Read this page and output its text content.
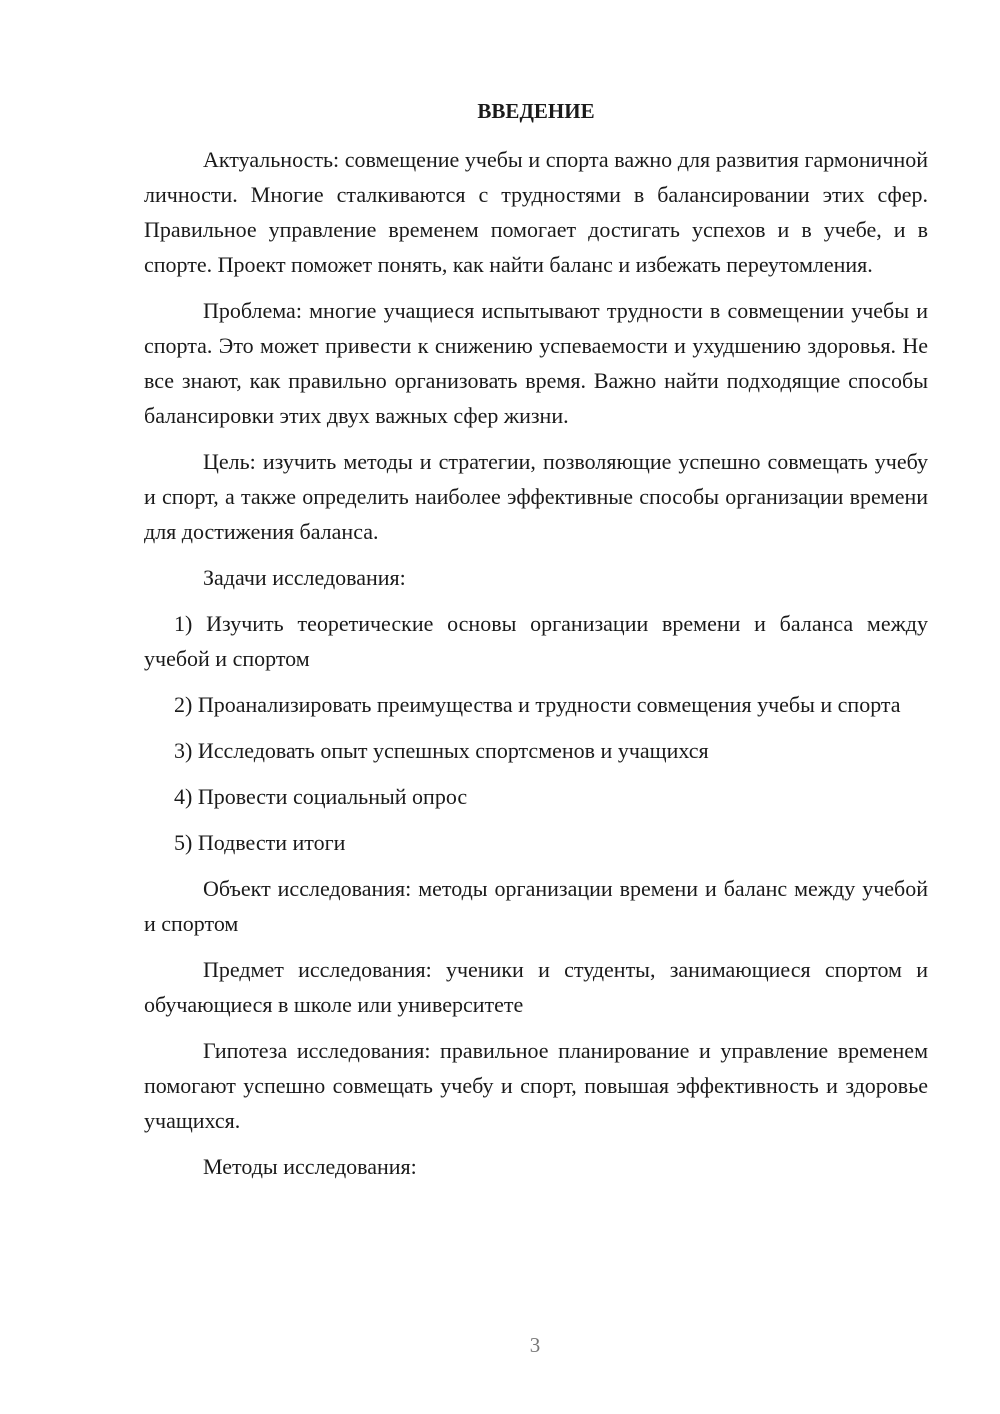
ВВЕДЕНИЕ

Актуальность: совмещение учебы и спорта важно для развития гармоничной личности. Многие сталкиваются с трудностями в балансировании этих сфер. Правильное управление временем помогает достигать успехов и в учебе, и в спорте. Проект поможет понять, как найти баланс и избежать переутомления.

Проблема: многие учащиеся испытывают трудности в совмещении учебы и спорта. Это может привести к снижению успеваемости и ухудшению здоровья. Не все знают, как правильно организовать время. Важно найти подходящие способы балансировки этих двух важных сфер жизни.

Цель: изучить методы и стратегии, позволяющие успешно совмещать учебу и спорт, а также определить наиболее эффективные способы организации времени для достижения баланса.

Задачи исследования:

1) Изучить теоретические основы организации времени и баланса между учебой и спортом

2) Проанализировать преимущества и трудности совмещения учебы и спорта

3) Исследовать опыт успешных спортсменов и учащихся

4) Провести социальный опрос

5) Подвести итоги

Объект исследования: методы организации времени и баланс между учебой и спортом

Предмет исследования: ученики и студенты, занимающиеся спортом и обучающиеся в школе или университете

Гипотеза исследования: правильное планирование и управление временем помогают успешно совмещать учебу и спорт, повышая эффективность и здоровье учащихся.

Методы исследования:

3
